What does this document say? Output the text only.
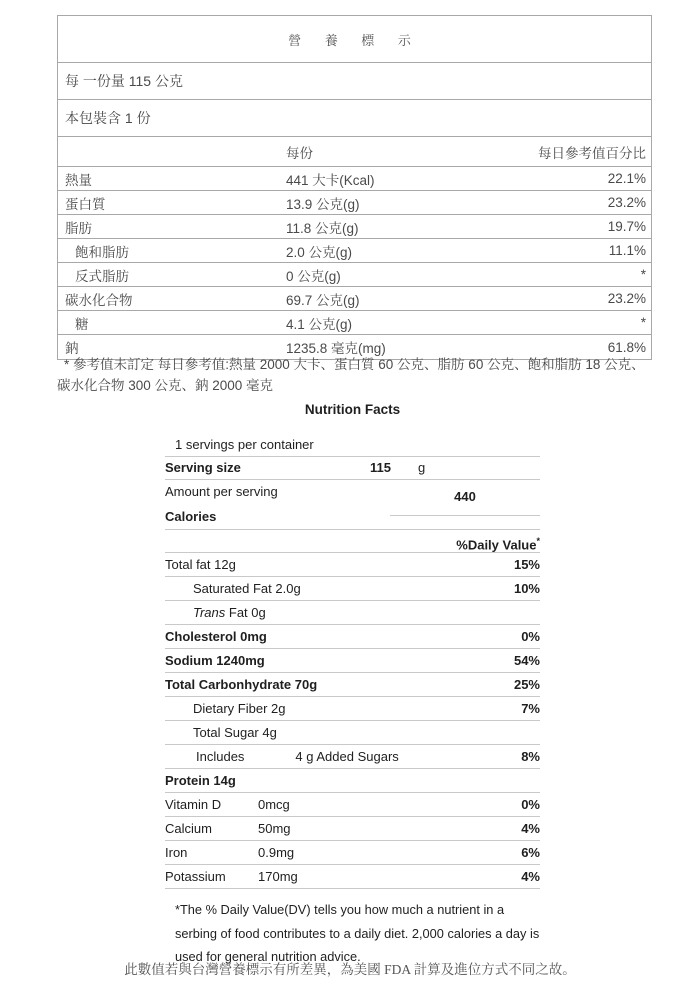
營 養 標 示
每 一份量 115 公克
本包裝含 1 份
每份	每日參考值百分比
熱量	441 大卡(Kcal)	22.1%
蛋白質	13.9 公克(g)	23.2%
脂肪	11.8 公克(g)	19.7%
飽和脂肪	2.0 公克(g)	11.1%
反式脂肪	0 公克(g)	*
碳水化合物	69.7 公克(g)	23.2%
糖	4.1 公克(g)	*
鈉	1235.8 毫克(mg)	61.8%
* 參考值未訂定 每日參考值:熱量 2000 大卡、蛋白質 60 公克、脂肪 60 公克、飽和脂肪 18 公克、碳水化合物 300 公克、鈉 2000 毫克
Nutrition Facts
1 servings per container
Serving size	115 g
Amount per serving
Calories
440
%Daily Value*
Total fat 12g	15%
Saturated Fat 2.0g	10%
Trans Fat 0g
Cholesterol 0mg	0%
Sodium 1240mg	54%
Total Carbonhydrate 70g	25%
Dietary Fiber 2g	7%
Total Sugar 4g
Includes	4 g Added Sugars	8%
Protein 14g
Vitamin D	0mcg	0%
Calcium	50mg	4%
Iron	0.9mg	6%
Potassium 170mg	4%
*The % Daily Value(DV) tells you how much a nutrient in a
serbing of food contributes to a daily diet. 2,000 calories a day is
used for general nutrition advice.
此數值若與台灣營養標示有所差異，為美國 FDA 計算及進位方式不同之故。
